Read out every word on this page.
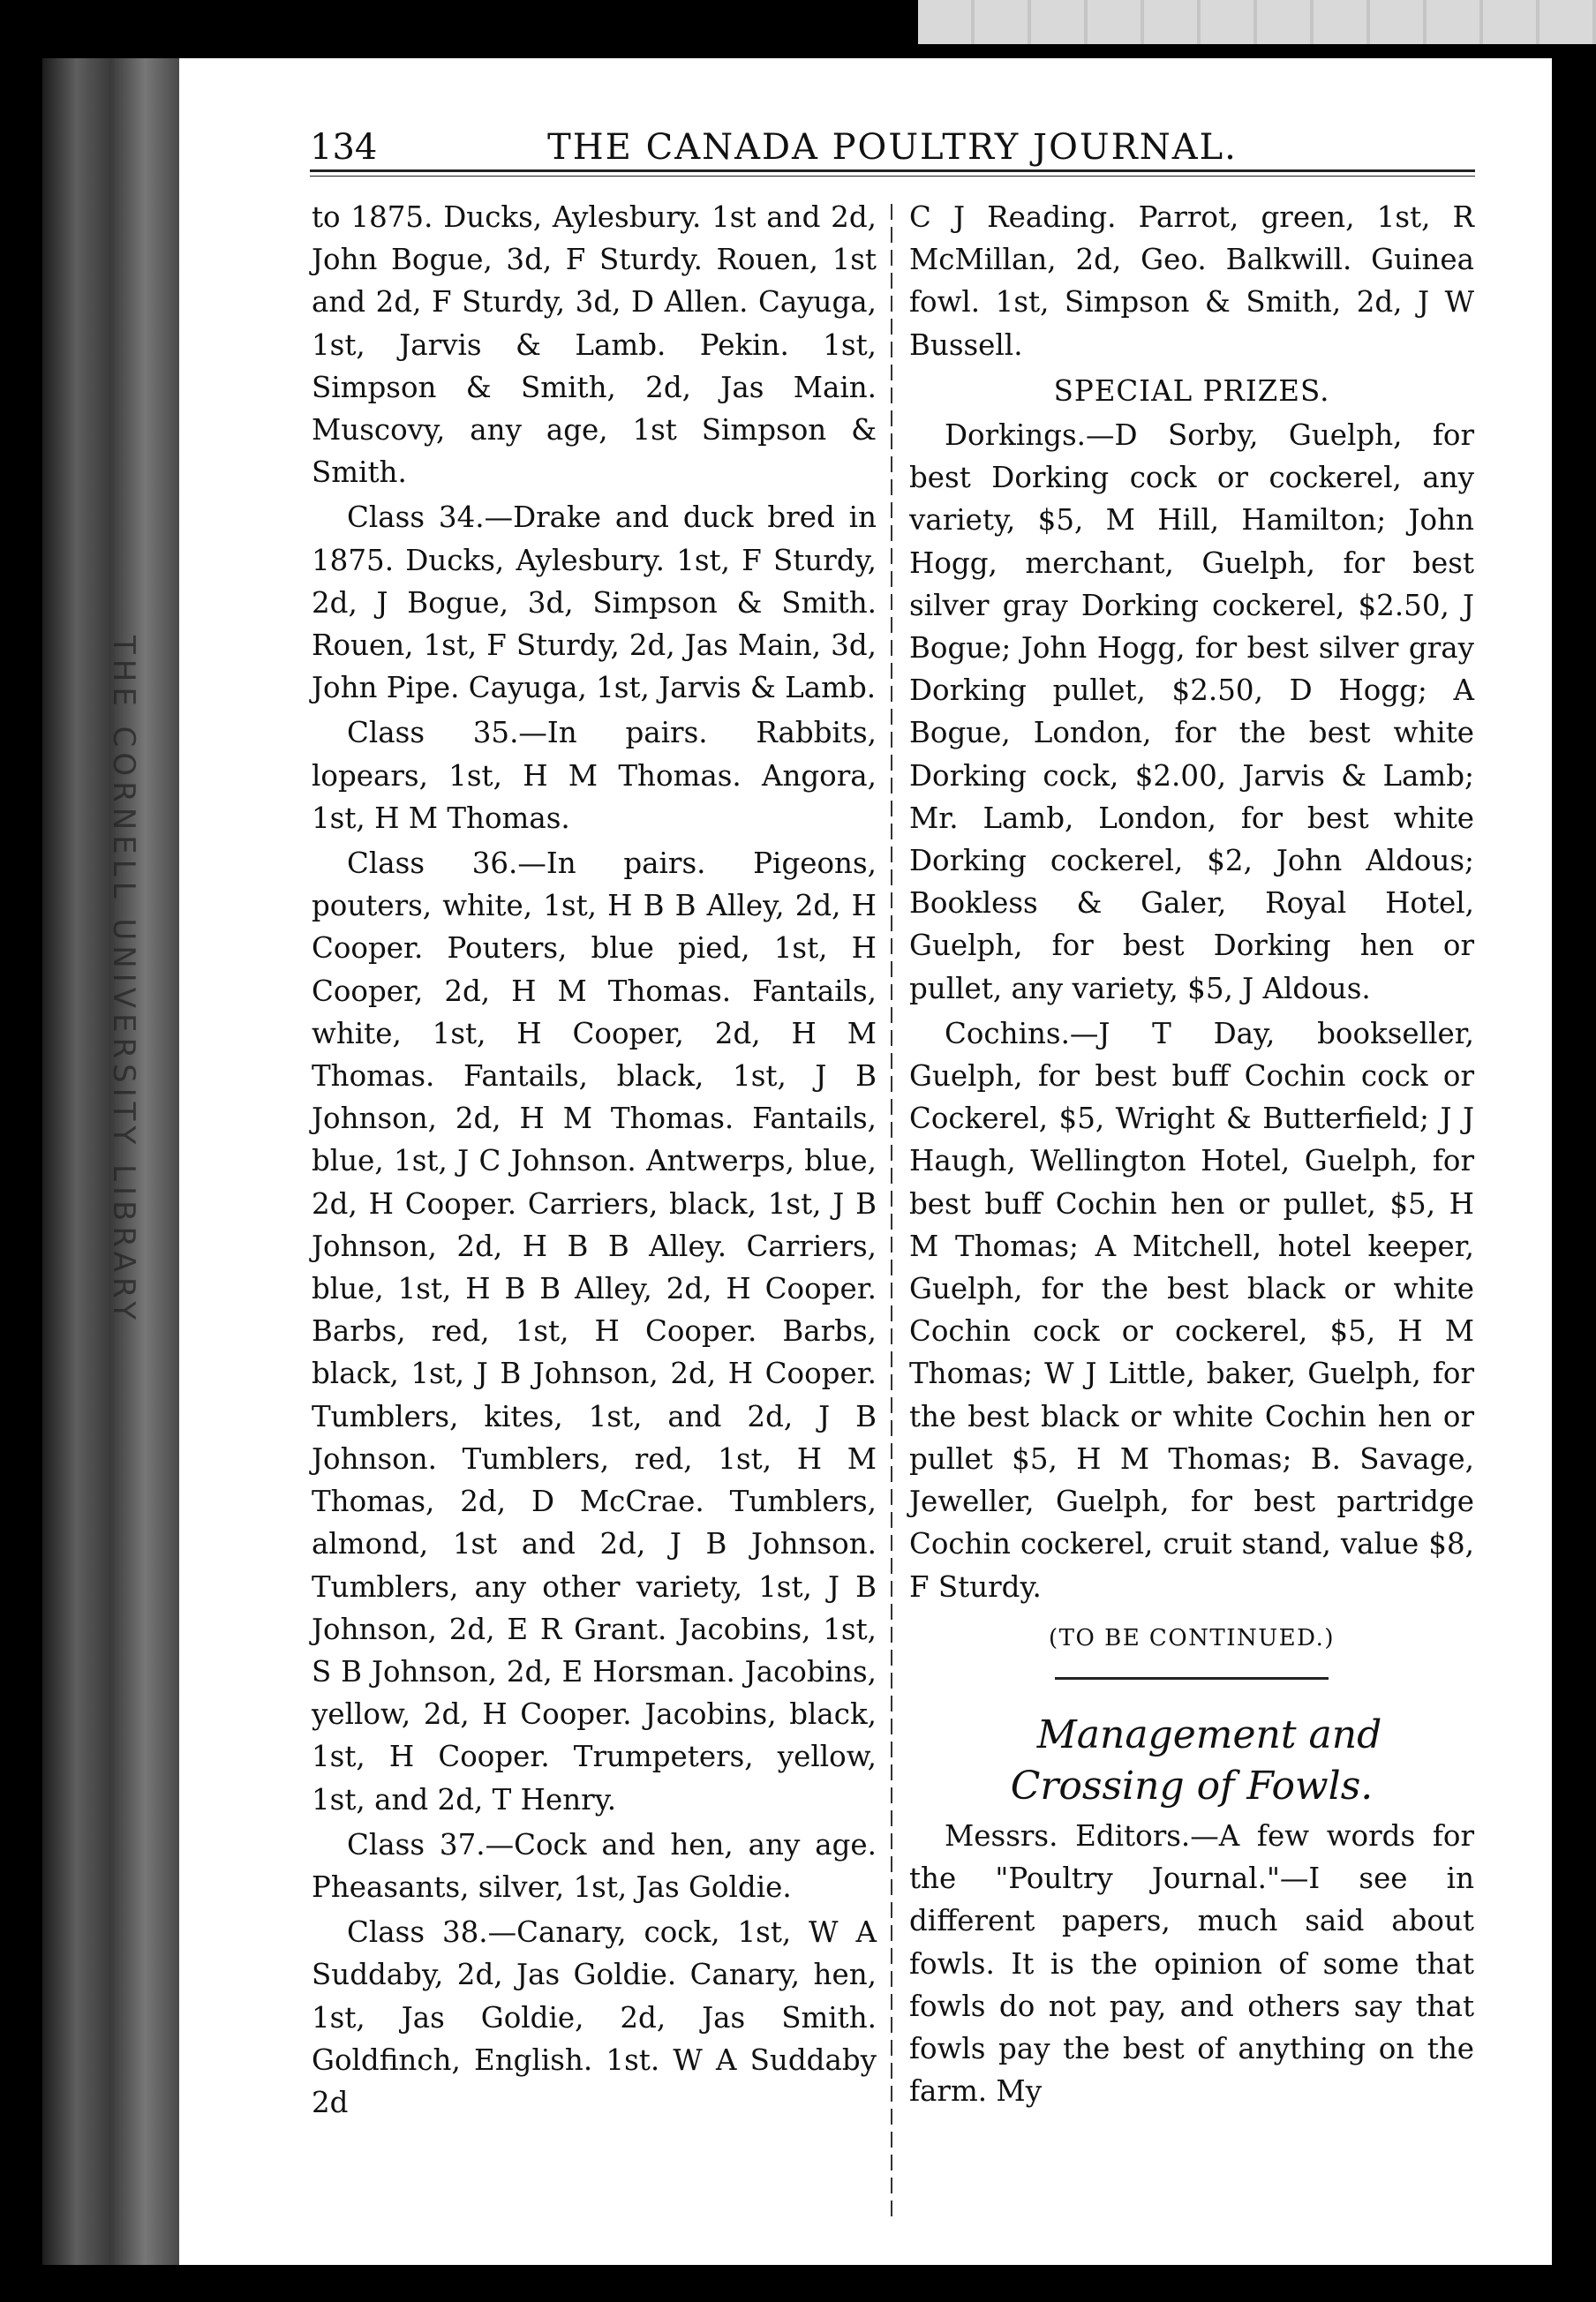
THE CORNELL UNIVERSITY LIBRARY
134	THE CANADA POULTRY JOURNAL.

to 1875. Ducks, Aylesbury. 1st and 2d, John Bogue, 3d, F Sturdy. Rouen, 1st and 2d, F Sturdy, 3d, D Allen. Cayuga, 1st, Jarvis & Lamb. Pekin. 1st, Simpson & Smith, 2d, Jas Main. Muscovy, any age, 1st Simpson & Smith.

Class 34.—Drake and duck bred in 1875. Ducks, Aylesbury. 1st, F Sturdy, 2d, J Bogue, 3d, Simpson & Smith. Rouen, 1st, F Sturdy, 2d, Jas Main, 3d, John Pipe. Cayuga, 1st, Jarvis & Lamb.

Class 35.—In pairs. Rabbits, lopears, 1st, H M Thomas. Angora, 1st, H M Thomas.

Class 36.—In pairs. Pigeons, pouters, white, 1st, H B B Alley, 2d, H Cooper. Pouters, blue pied, 1st, H Cooper, 2d, H M Thomas. Fantails, white, 1st, H Cooper, 2d, H M Thomas. Fantails, black, 1st, J B Johnson, 2d, H M Thomas. Fantails, blue, 1st, J C Johnson. Antwerps, blue, 2d, H Cooper. Carriers, black, 1st, J B Johnson, 2d, H B B Alley. Carriers, blue, 1st, H B B Alley, 2d, H Cooper. Barbs, red, 1st, H Cooper. Barbs, black, 1st, J B Johnson, 2d, H Cooper. Tumblers, kites, 1st, and 2d, J B Johnson. Tumblers, red, 1st, H M Thomas, 2d, D McCrae. Tumblers, almond, 1st and 2d, J B Johnson. Tumblers, any other variety, 1st, J B Johnson, 2d, E R Grant. Jacobins, 1st, S B Johnson, 2d, E Horsman. Jacobins, yellow, 2d, H Cooper. Jacobins, black, 1st, H Cooper. Trumpeters, yellow, 1st, and 2d, T Henry.

Class 37.—Cock and hen, any age. Pheasants, silver, 1st, Jas Goldie.

Class 38.—Canary, cock, 1st, W A Suddaby, 2d, Jas Goldie. Canary, hen, 1st, Jas Goldie, 2d, Jas Smith. Goldfinch, English. 1st. W A Suddaby 2d

C J Reading. Parrot, green, 1st, R McMillan, 2d, Geo. Balkwill. Guinea fowl. 1st, Simpson & Smith, 2d, J W Bussell.

SPECIAL PRIZES.

Dorkings.—D Sorby, Guelph, for best Dorking cock or cockerel, any variety, $5, M Hill, Hamilton; John Hogg, merchant, Guelph, for best silver gray Dorking cockerel, $2.50, J Bogue; John Hogg, for best silver gray Dorking pullet, $2.50, D Hogg; A Bogue, London, for the best white Dorking cock, $2.00, Jarvis & Lamb; Mr. Lamb, London, for best white Dorking cockerel, $2, John Aldous; Bookless & Galer, Royal Hotel, Guelph, for best Dorking hen or pullet, any variety, $5, J Aldous.

Cochins.—J T Day, bookseller, Guelph, for best buff Cochin cock or Cockerel, $5, Wright & Butterfield; J J Haugh, Wellington Hotel, Guelph, for best buff Cochin hen or pullet, $5, H M Thomas; A Mitchell, hotel keeper, Guelph, for the best black or white Cochin cock or cockerel, $5, H M Thomas; W J Little, baker, Guelph, for the best black or white Cochin hen or pullet $5, H M Thomas; B. Savage, Jeweller, Guelph, for best partridge Cochin cockerel, cruit stand, value $8, F Sturdy.

(TO BE CONTINUED.)

Management and Crossing of Fowls.

Messrs. Editors.—A few words for the "Poultry Journal."—I see in different papers, much said about fowls. It is the opinion of some that fowls do not pay, and others say that fowls pay the best of anything on the farm. My
